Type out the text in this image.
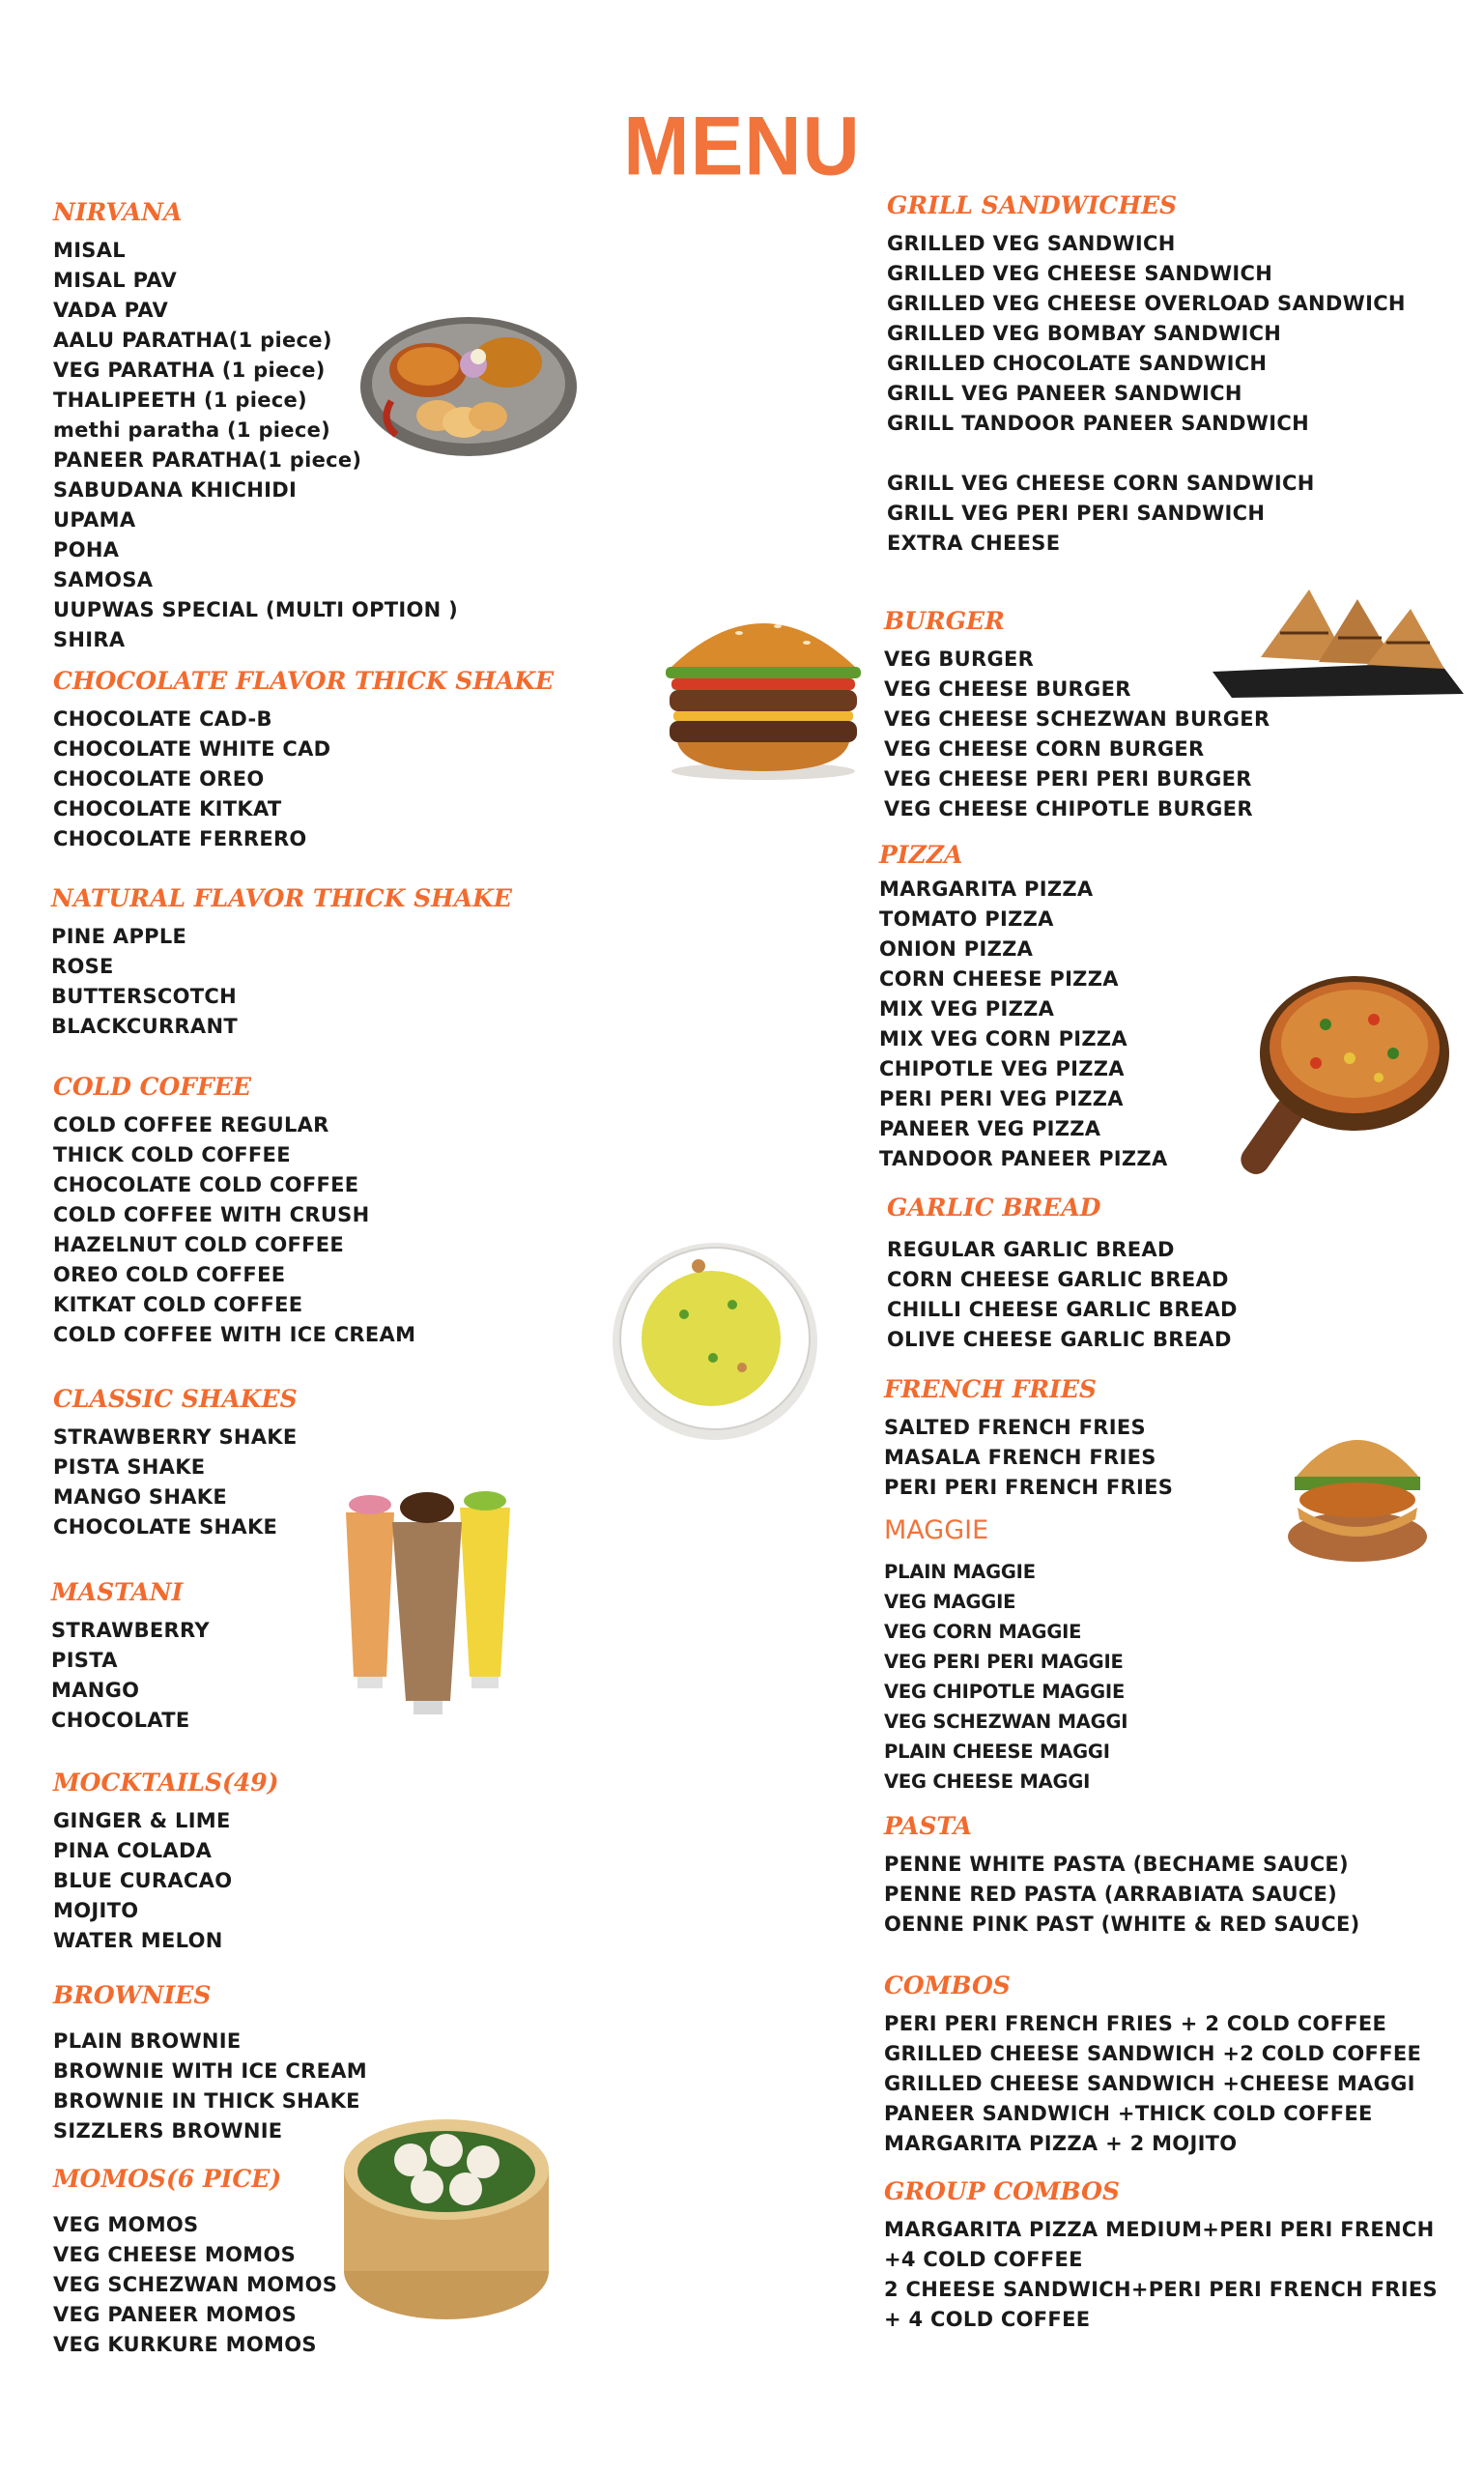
MENU
NIRVANA
MISAL
MISAL PAV
VADA PAV
AALU PARATHA(1 piece)
VEG PARATHA (1 piece)
THALIPEETH (1 piece)
methi paratha (1 piece)
PANEER PARATHA(1 piece)
SABUDANA KHICHIDI
UPAMA
POHA
SAMOSA
UUPWAS SPECIAL (MULTI OPTION )
SHIRA
CHOCOLATE FLAVOR THICK SHAKE
CHOCOLATE CAD-B
CHOCOLATE WHITE CAD
CHOCOLATE OREO
CHOCOLATE KITKAT
CHOCOLATE FERRERO
NATURAL FLAVOR THICK SHAKE
PINE APPLE
ROSE
BUTTERSCOTCH
BLACKCURRANT
COLD COFFEE
COLD COFFEE REGULAR
THICK COLD COFFEE
CHOCOLATE COLD COFFEE
COLD COFFEE WITH CRUSH
HAZELNUT COLD COFFEE
OREO COLD COFFEE
KITKAT COLD COFFEE
COLD COFFEE WITH ICE CREAM
CLASSIC SHAKES
STRAWBERRY SHAKE
PISTA SHAKE
MANGO SHAKE
CHOCOLATE SHAKE
MASTANI
STRAWBERRY
PISTA
MANGO
CHOCOLATE
MOCKTAILS(49)
GINGER & LIME
PINA COLADA
BLUE CURACAO
MOJITO
WATER MELON
BROWNIES
PLAIN BROWNIE
BROWNIE WITH ICE CREAM
BROWNIE IN THICK SHAKE
SIZZLERS BROWNIE
MOMOS(6 PICE)
VEG MOMOS
VEG CHEESE MOMOS
VEG SCHEZWAN MOMOS
VEG PANEER MOMOS
VEG KURKURE MOMOS
GRILL SANDWICHES
GRILLED VEG SANDWICH
GRILLED VEG CHEESE SANDWICH
GRILLED VEG CHEESE OVERLOAD SANDWICH
GRILLED VEG BOMBAY SANDWICH
GRILLED CHOCOLATE SANDWICH
GRILL VEG PANEER SANDWICH
GRILL TANDOOR PANEER SANDWICH
GRILL VEG CHEESE CORN SANDWICH
GRILL VEG PERI PERI SANDWICH
EXTRA CHEESE
BURGER
VEG BURGER
VEG CHEESE BURGER
VEG CHEESE SCHEZWAN BURGER
VEG CHEESE CORN BURGER
VEG CHEESE PERI PERI BURGER
VEG CHEESE CHIPOTLE BURGER
PIZZA
MARGARITA PIZZA
TOMATO PIZZA
ONION PIZZA
CORN CHEESE PIZZA
MIX VEG PIZZA
MIX VEG CORN PIZZA
CHIPOTLE VEG PIZZA
PERI PERI VEG PIZZA
PANEER VEG PIZZA
TANDOOR PANEER PIZZA
GARLIC BREAD
REGULAR GARLIC BREAD
CORN CHEESE GARLIC BREAD
CHILLI CHEESE GARLIC BREAD
OLIVE CHEESE GARLIC BREAD
FRENCH FRIES
SALTED FRENCH FRIES
MASALA FRENCH FRIES
PERI PERI FRENCH FRIES
MAGGIE
PLAIN MAGGIE
VEG MAGGIE
VEG CORN MAGGIE
VEG PERI PERI MAGGIE
VEG CHIPOTLE MAGGIE
VEG SCHEZWAN MAGGI
PLAIN CHEESE MAGGI
VEG CHEESE MAGGI
PASTA
PENNE WHITE PASTA (BECHAME SAUCE)
PENNE RED PASTA (ARRABIATA SAUCE)
OENNE PINK PAST (WHITE & RED SAUCE)
COMBOS
PERI PERI FRENCH FRIES + 2 COLD COFFEE
GRILLED CHEESE SANDWICH +2 COLD COFFEE
GRILLED CHEESE SANDWICH +CHEESE MAGGI
PANEER SANDWICH +THICK COLD COFFEE
MARGARITA PIZZA + 2 MOJITO
GROUP COMBOS
MARGARITA PIZZA MEDIUM+PERI PERI FRENCH
+4 COLD COFFEE
2 CHEESE SANDWICH+PERI PERI FRENCH FRIES
+ 4 COLD COFFEE
